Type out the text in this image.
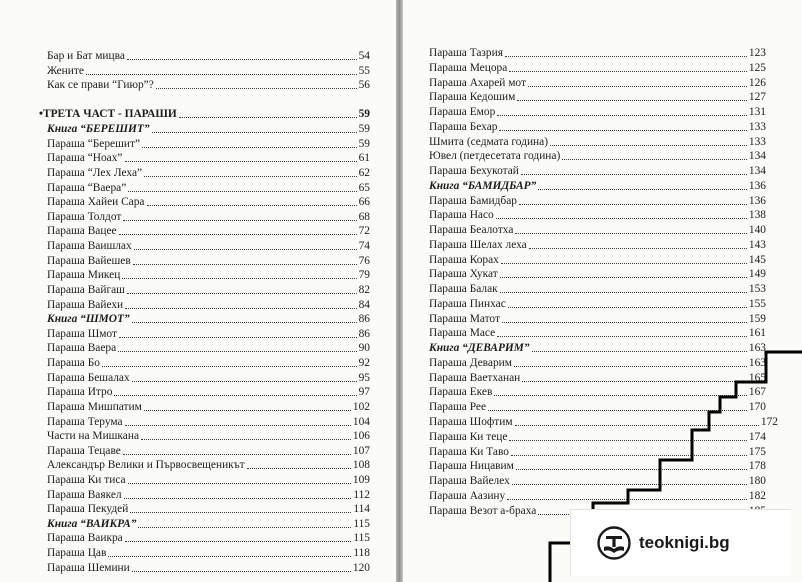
Бар и Бат мицва	54
Жените	55
Как се прави “Гиюр”?	56
• ТРЕТА ЧАСТ - ПАРАШИ	59
Книга “БЕРЕШИТ”	59
Параша “Берешит”	59
Параша “Ноах”	61
Параша “Лех Леха”	62
Параша “Ваера”	65
Параша Хайеи Сара	66
Параша Толдот	68
Параша Вацее	72
Параша Ваишлах	74
Параша Вайешев	76
Параша Микец	79
Параша Вайгаш	82
Параша Вайехи	84
Книга “ШМОТ”	86
Параша Шмот	86
Параша Ваера	90
Параша Бо	92
Параша Бешалах	95
Параша Итро	97
Параша Мишпатим	102
Параша Терума	104
Части на Мишкана	106
Параша Тецаве	107
Александър Велики и Първосвещеникът	108
Параша Ки тиса	109
Параша Ваякел	112
Параша Пекудей	114
Книга “ВАИКРА”	115
Параша Ваикра	115
Параша Цав	118
Параша Шемини	120
Параша Тазрия	123
Параша Мецора	125
Параша Ахарей мот	126
Параша Кедошим	127
Параша Емор	131
Параша Бехар	133
Шмита (седмата година)	133
Ювел (петдесетата година)	134
Параша Бехукотай	134
Книга “БАМИДБАР”	136
Параша Бамидбар	136
Параша Насо	138
Параша Беалотха	140
Параша Шелах леха	143
Параша Корах	145
Параша Хукат	149
Параша Балак	153
Параша Пинхас	155
Параша Матот	159
Параша Масе	161
Книга “ДЕВАРИМ”	163
Параша Деварим	163
Параша Ваетханан	165
Параша Екев	167
Параша Рее	170
Параша Шофтим	172
Параша Ки теце	174
Параша Ки Таво	175
Параша Ницавим	178
Параша Вайелех	180
Параша Аазину	182
Параша Везот а-браха
teoknigi.bg
